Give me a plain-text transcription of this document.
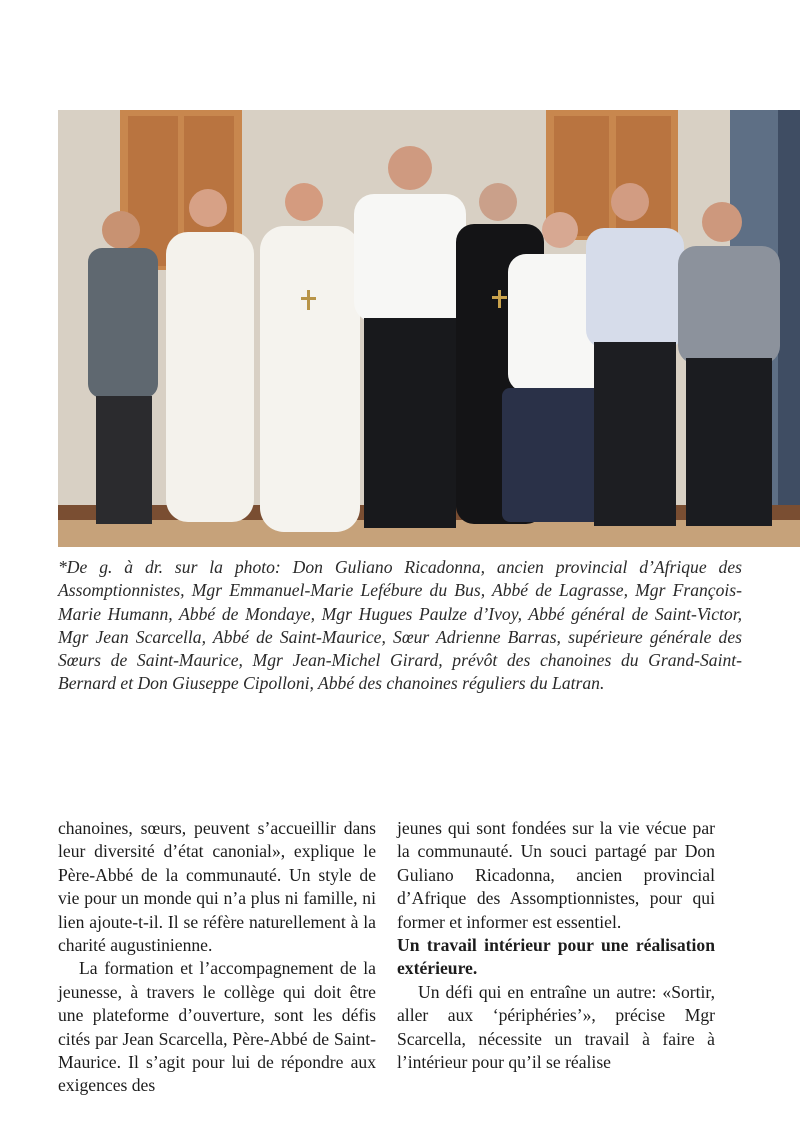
*De g. à dr. sur la photo: Don Guliano Ricadonna, ancien provincial d’Afrique des Assomptionnistes, Mgr Emmanuel-Marie Lefébure du Bus, Abbé de Lagrasse, Mgr François-Marie Humann, Abbé de Mondaye, Mgr Hugues Paulze d’Ivoy, Abbé général de Saint-Victor, Mgr Jean Scarcella, Abbé de Saint-Maurice, Sœur Adrienne Barras, supérieure générale des Sœurs de Saint-Maurice, Mgr Jean-Michel Girard, prévôt des chanoines du Grand-Saint-Bernard et Don Giuseppe Cipolloni, Abbé des chanoines réguliers du Latran.

chanoines, sœurs, peuvent s’accueillir dans leur diversité d’état canonial», explique le Père-Abbé de la communauté. Un style de vie pour un monde qui n’a plus ni famille, ni lien ajoute-t-il. Il se réfère naturellement à la charité augustinienne.

La formation et l’accompagnement de la jeunesse, à travers le collège qui doit être une plateforme d’ouverture, sont les défis cités par Jean Scarcella, Père-Abbé de Saint-Maurice. Il s’agit pour lui de répondre aux exigences des

jeunes qui sont fondées sur la vie vécue par la communauté. Un souci partagé par Don Guliano Ricadonna, ancien provincial d’Afrique des Assomptionnistes, pour qui former et informer est essentiel.

Un travail intérieur pour une réalisation extérieure.

Un défi qui en entraîne un autre: «Sortir, aller aux ‘périphéries’», précise Mgr Scarcella, nécessite un travail à faire à l’intérieur pour qu’il se réalise
